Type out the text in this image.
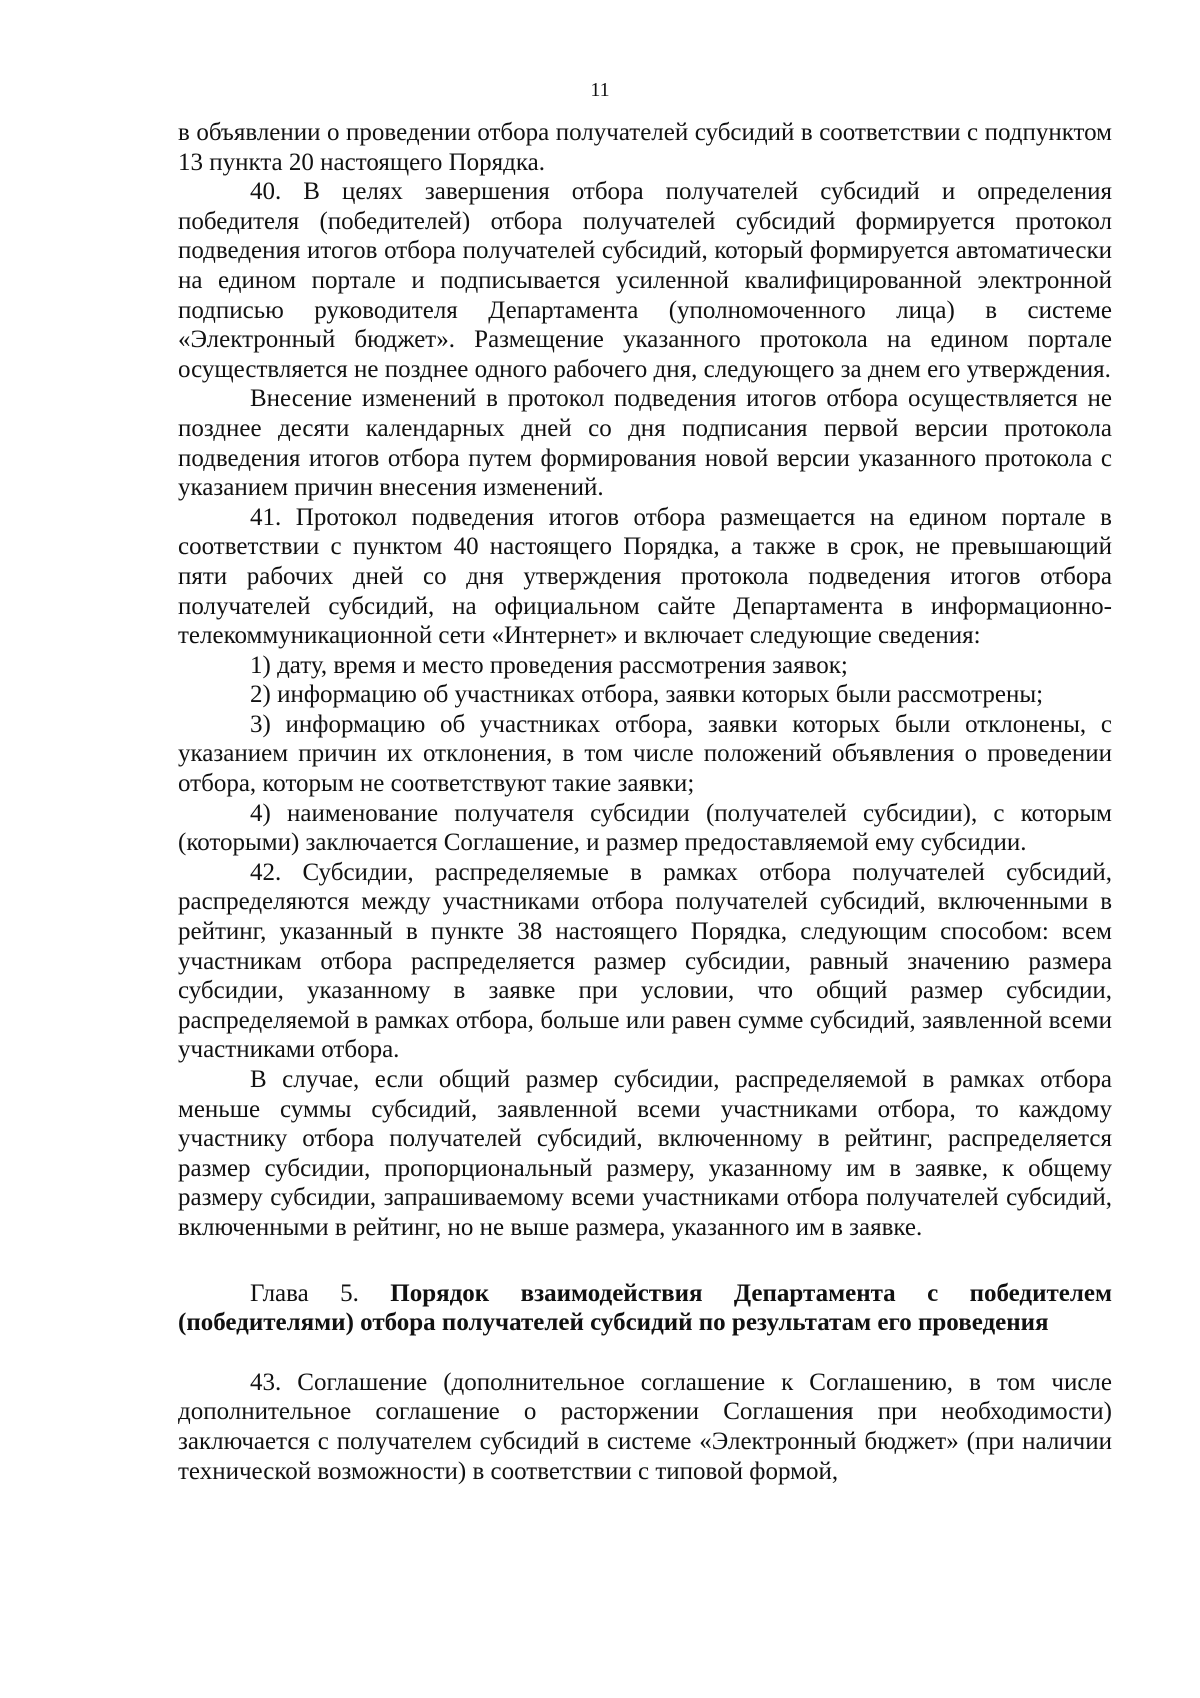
11

в объявлении о проведении отбора получателей субсидий в соответствии с подпунктом 13 пункта 20 настоящего Порядка.

40. В целях завершения отбора получателей субсидий и определения победителя (победителей) отбора получателей субсидий формируется протокол подведения итогов отбора получателей субсидий, который формируется автоматически на едином портале и подписывается усиленной квалифицированной электронной подписью руководителя Департамента (уполномоченного лица) в системе «Электронный бюджет». Размещение указанного протокола на едином портале осуществляется не позднее одного рабочего дня, следующего за днем его утверждения.

Внесение изменений в протокол подведения итогов отбора осуществляется не позднее десяти календарных дней со дня подписания первой версии протокола подведения итогов отбора путем формирования новой версии указанного протокола с указанием причин внесения изменений.

41. Протокол подведения итогов отбора размещается на едином портале в соответствии с пунктом 40 настоящего Порядка, а также в срок, не превышающий пяти рабочих дней со дня утверждения протокола подведения итогов отбора получателей субсидий, на официальном сайте Департамента в информационно-телекоммуникационной сети «Интернет» и включает следующие сведения:

1) дату, время и место проведения рассмотрения заявок;

2) информацию об участниках отбора, заявки которых были рассмотрены;

3) информацию об участниках отбора, заявки которых были отклонены, с указанием причин их отклонения, в том числе положений объявления о проведении отбора, которым не соответствуют такие заявки;

4) наименование получателя субсидии (получателей субсидии), с которым (которыми) заключается Соглашение, и размер предоставляемой ему субсидии.

42. Субсидии, распределяемые в рамках отбора получателей субсидий, распределяются между участниками отбора получателей субсидий, включенными в рейтинг, указанный в пункте 38 настоящего Порядка, следующим способом: всем участникам отбора распределяется размер субсидии, равный значению размера субсидии, указанному в заявке при условии, что общий размер субсидии, распределяемой в рамках отбора, больше или равен сумме субсидий, заявленной всеми участниками отбора.

В случае, если общий размер субсидии, распределяемой в рамках отбора меньше суммы субсидий, заявленной всеми участниками отбора, то каждому участнику отбора получателей субсидий, включенному в рейтинг, распределяется размер субсидии, пропорциональный размеру, указанному им в заявке, к общему размеру субсидии, запрашиваемому всеми участниками отбора получателей субсидий, включенными в рейтинг, но не выше размера, указанного им в заявке.

Глава 5. Порядок взаимодействия Департамента с победителем (победителями) отбора получателей субсидий по результатам его проведения

43. Соглашение (дополнительное соглашение к Соглашению, в том числе дополнительное соглашение о расторжении Соглашения при необходимости) заключается с получателем субсидий в системе «Электронный бюджет» (при наличии технической возможности) в соответствии с типовой формой,
